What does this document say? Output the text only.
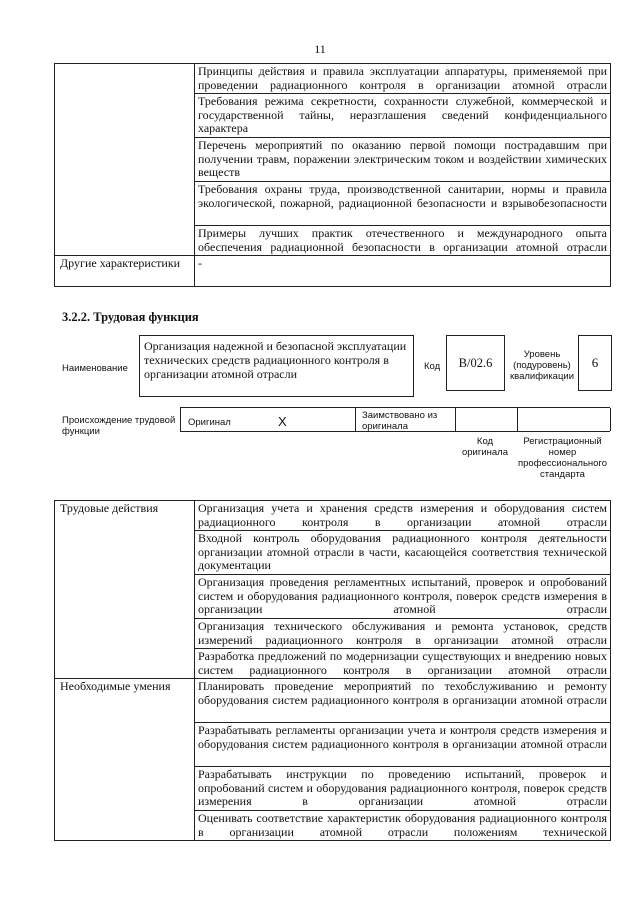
11
	Принципы действия и правила эксплуатации аппаратуры, применяемой при проведении радиационного контроля в организации атомной отрасли
	Требования режима секретности, сохранности служебной, коммерческой и государственной тайны, неразглашения сведений конфиденциального характера
	Перечень мероприятий по оказанию первой помощи пострадавшим при получении травм, поражении электрическим током и воздействии химических веществ
	Требования охраны труда, производственной санитарии, нормы и правила экологической, пожарной, радиационной безопасности и взрывобезопасности
	Примеры лучших практик отечественного и международного опыта обеспечения радиационной безопасности в организации атомной отрасли
Другие характеристики	-
3.2.2. Трудовая функция
Наименование
Организация надежной и безопасной эксплуатации технических средств радиационного контроля в организации атомной отрасли
Код	B/02.6
Уровень (подуровень) квалификации
6
Происхождение трудовой функции
Оригинал	X	Заимствовано из оригинала
Код оригинала
Регистрационный номер профессионального стандарта
Трудовые действия	Организация учета и хранения средств измерения и оборудования систем радиационного контроля в организации атомной отрасли
	Входной контроль оборудования радиационного контроля деятельности организации атомной отрасли в части, касающейся соответствия технической документации
	Организация проведения регламентных испытаний, проверок и опробований систем и оборудования радиационного контроля, поверок средств измерения в организации атомной отрасли
	Организация технического обслуживания и ремонта установок, средств измерений радиационного контроля в организации атомной отрасли
	Разработка предложений по модернизации существующих и внедрению новых систем радиационного контроля в организации атомной отрасли
Необходимые умения	Планировать проведение мероприятий по техобслуживанию и ремонту оборудования систем радиационного контроля в организации атомной отрасли
	Разрабатывать регламенты организации учета и контроля средств измерения и оборудования систем радиационного контроля в организации атомной отрасли
	Разрабатывать инструкции по проведению испытаний, проверок и опробований систем и оборудования радиационного контроля, поверок средств измерения в организации атомной отрасли
	Оценивать соответствие характеристик оборудования радиационного контроля в организации атомной отрасли положениям технической
